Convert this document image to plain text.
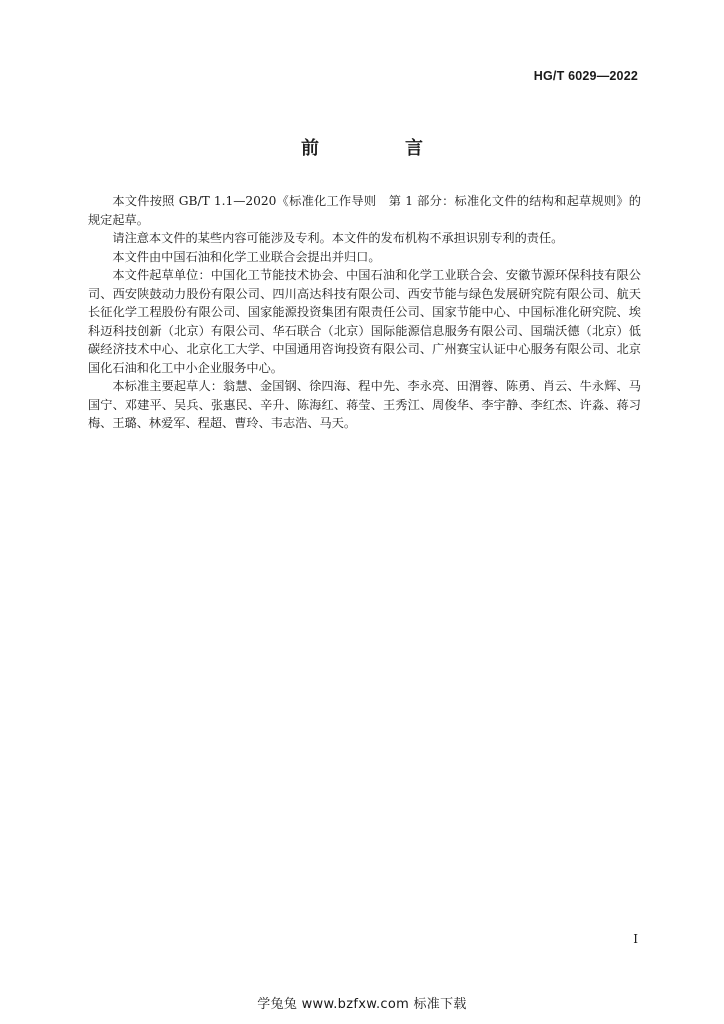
HG/T 6029—2022
前　言

本文件按照 GB/T 1.1—2020《标准化工作导则　第 1 部分：标准化文件的结构和起草规则》的规定起草。

请注意本文件的某些内容可能涉及专利。本文件的发布机构不承担识别专利的责任。

本文件由中国石油和化学工业联合会提出并归口。

本文件起草单位：中国化工节能技术协会、中国石油和化学工业联合会、安徽节源环保科技有限公司、西安陕鼓动力股份有限公司、四川高达科技有限公司、西安节能与绿色发展研究院有限公司、航天长征化学工程股份有限公司、国家能源投资集团有限责任公司、国家节能中心、中国标准化研究院、埃科迈科技创新（北京）有限公司、华石联合（北京）国际能源信息服务有限公司、国瑞沃德（北京）低碳经济技术中心、北京化工大学、中国通用咨询投资有限公司、广州赛宝认证中心服务有限公司、北京国化石油和化工中小企业服务中心。

本标准主要起草人：翁慧、金国钢、徐四海、程中先、李永亮、田渭蓉、陈勇、肖云、牛永辉、马国宁、邓建平、吴兵、张惠民、辛升、陈海红、蒋莹、王秀江、周俊华、李宇静、李红杰、许淼、蒋习梅、王璐、林爱军、程超、曹玲、韦志浩、马天。

I
学兔兔 www.bzfxw.com 标准下载
